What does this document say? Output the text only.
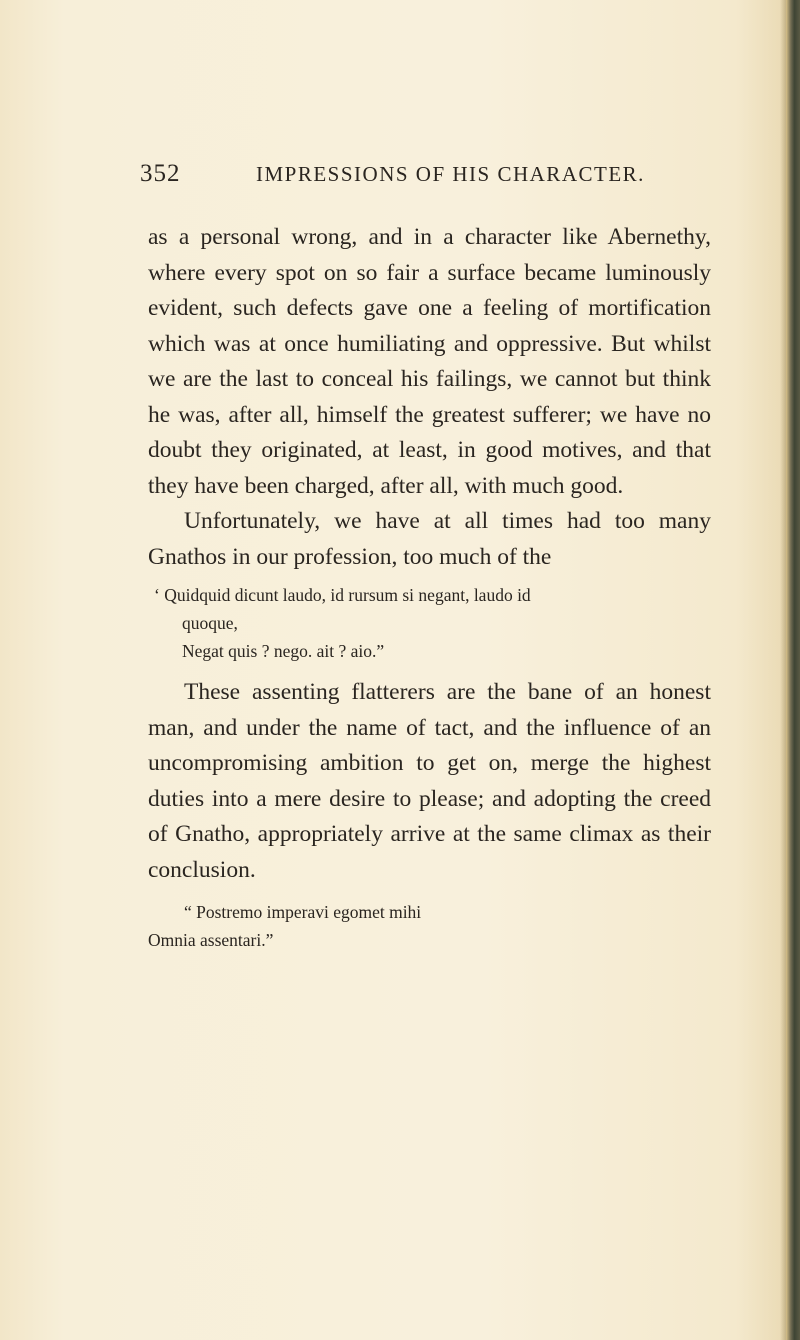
352	IMPRESSIONS OF HIS CHARACTER.

as a personal wrong, and in a character like Abernethy, where every spot on so fair a surface became luminously evident, such defects gave one a feeling of mortification which was at once humiliating and oppressive. But whilst we are the last to conceal his failings, we cannot but think he was, after all, himself the greatest sufferer; we have no doubt they originated, at least, in good motives, and that they have been charged, after all, with much good.

Unfortunately, we have at all times had too many Gnathos in our profession, too much of the

‘ Quidquid dicunt laudo, id rursum si negant, laudo id
quoque,
Negat quis ? nego. ait ? aio.”

These assenting flatterers are the bane of an honest man, and under the name of tact, and the influence of an uncompromising ambition to get on, merge the highest duties into a mere desire to please; and adopting the creed of Gnatho, appropriately arrive at the same climax as their conclusion.

“ Postremo imperavi egomet mihi
Omnia assentari.”
